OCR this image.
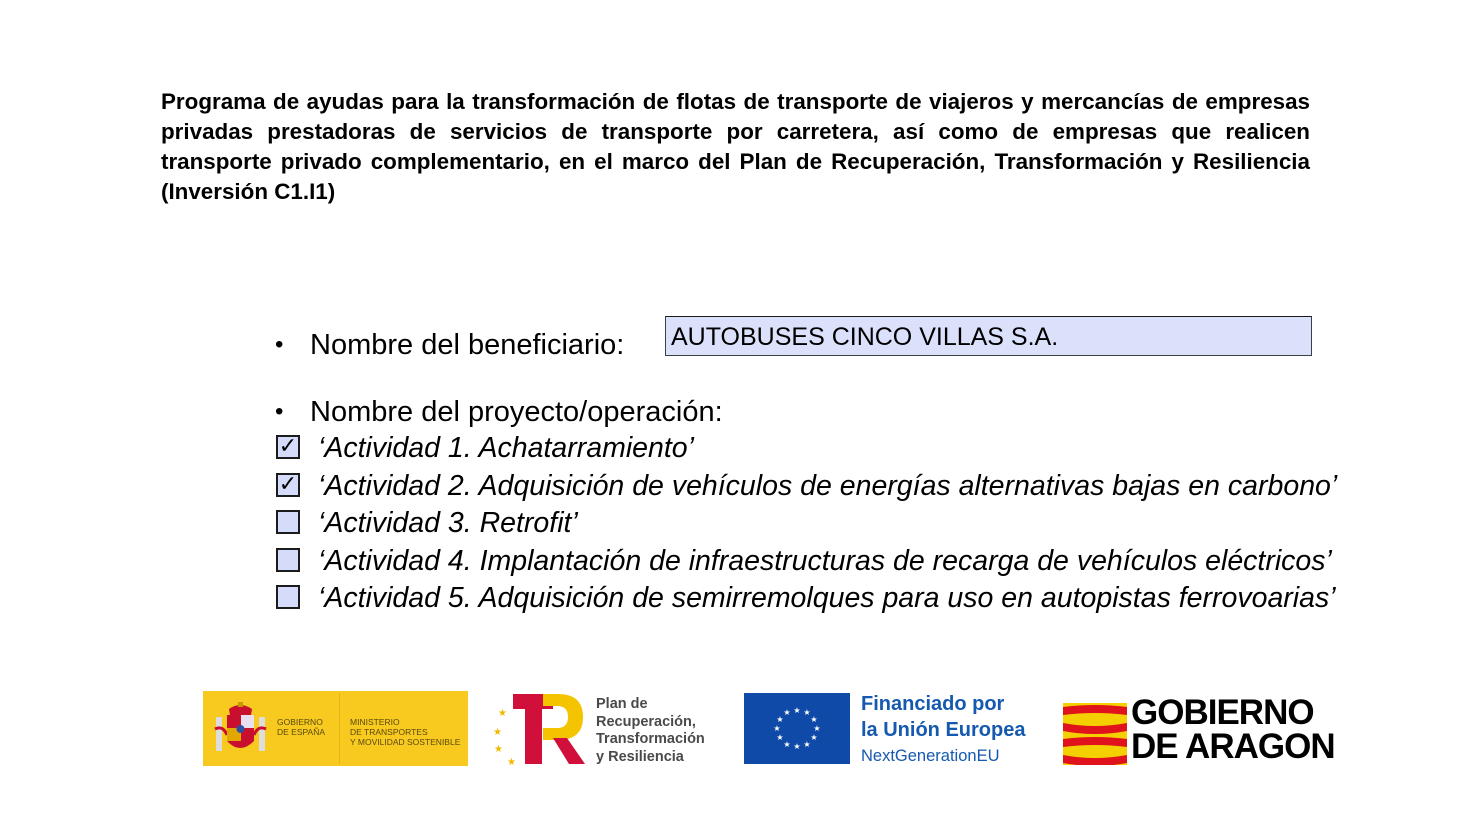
Programa de ayudas para la transformación de flotas de transporte de viajeros y mercancías de empresas privadas prestadoras de servicios de transporte por carretera, así como de empresas que realicen transporte privado complementario, en el marco del Plan de Recuperación, Transformación y Resiliencia (Inversión C1.I1)

• Nombre del beneficiario:
AUTOBUSES CINCO VILLAS S.A.
• Nombre del proyecto/operación:
✓ ‘Actividad 1. Achatarramiento’
✓ ‘Actividad 2. Adquisición de vehículos de energías alternativas bajas en carbono’
‘Actividad 3. Retrofit’
‘Actividad 4. Implantación de infraestructuras de recarga de vehículos eléctricos’
‘Actividad 5. Adquisición de semirremolques para uso en autopistas ferrovoarias’
GOBIERNO
DE ESPAÑA
MINISTERIO
DE TRANSPORTES
Y MOVILIDAD SOSTENIBLE
★
★
★
★
Plan de
Recuperación,
Transformación
y Resiliencia
★ ★
★
★
★
★
★
★
★
★
★
★	Financiado por
la Unión Europea
NextGenerationEU
GOBIERNO
DE ARAGON
